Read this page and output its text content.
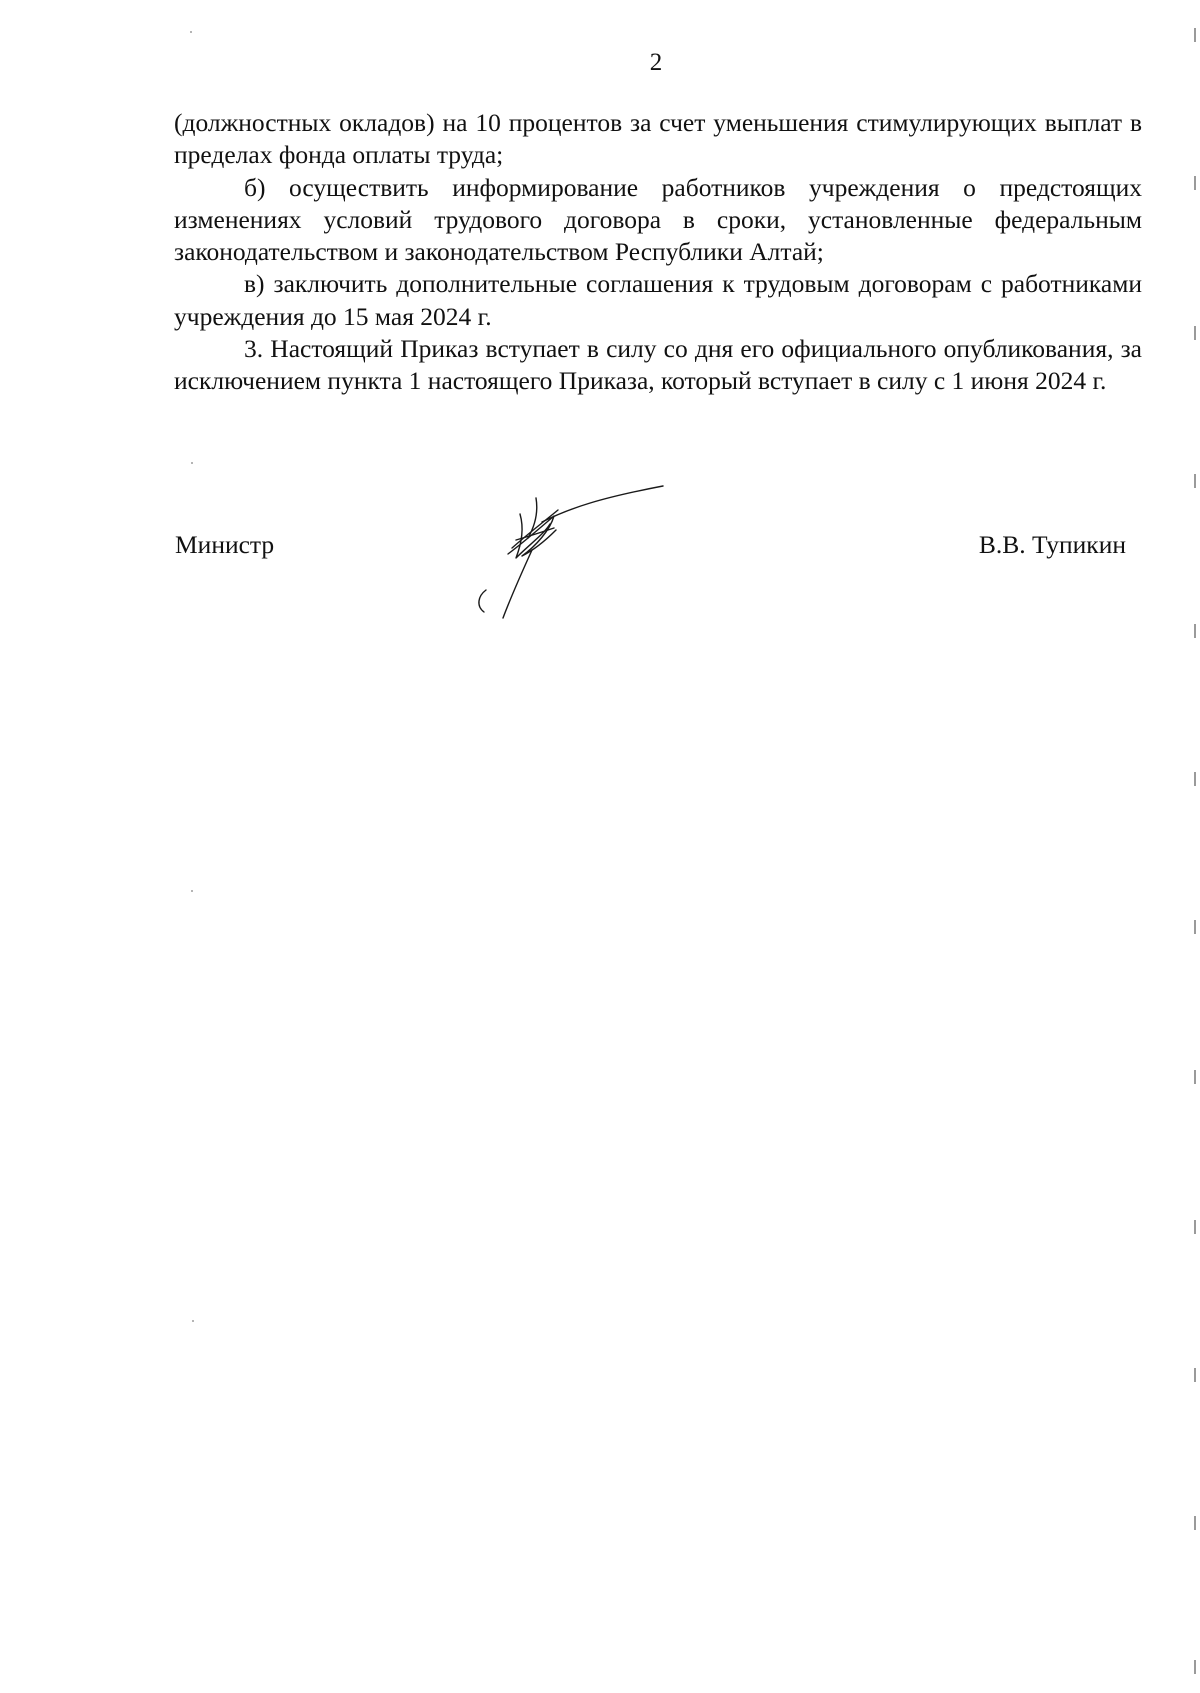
2

(должностных окладов) на 10 процентов за счет уменьшения стимулирующих выплат в пределах фонда оплаты труда;

б) осуществить информирование работников учреждения о предстоящих изменениях условий трудового договора в сроки, установленные федеральным законодательством и законодательством Республики Алтай;

в) заключить дополнительные соглашения к трудовым договорам с работниками учреждения до 15 мая 2024 г.

3. Настоящий Приказ вступает в силу со дня его официального опубликования, за исключением пункта 1 настоящего Приказа, который вступает в силу с 1 июня 2024 г.

Министр	В.В. Тупикин
